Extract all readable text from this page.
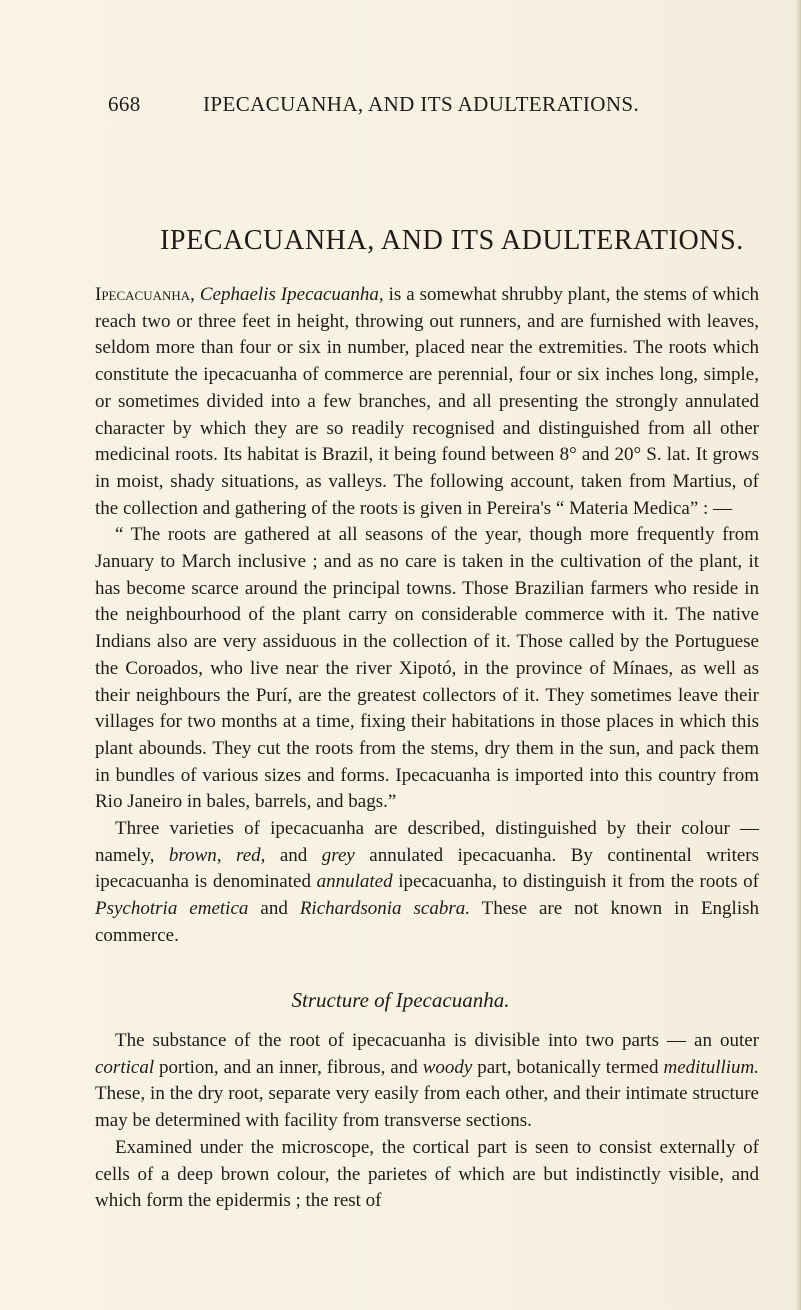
668	IPECACUANHA, AND ITS ADULTERATIONS.
IPECACUANHA, AND ITS ADULTERATIONS.

Ipecacuanha, Cephaelis Ipecacuanha, is a somewhat shrubby plant, the stems of which reach two or three feet in height, throwing out runners, and are furnished with leaves, seldom more than four or six in number, placed near the extremities. The roots which constitute the ipecacuanha of commerce are perennial, four or six inches long, simple, or sometimes divided into a few branches, and all presenting the strongly annulated character by which they are so readily recognised and distinguished from all other medicinal roots. Its habitat is Brazil, it being found between 8° and 20° S. lat. It grows in moist, shady situations, as valleys. The following account, taken from Martius, of the collection and gathering of the roots is given in Pereira's “ Materia Medica” : —

“ The roots are gathered at all seasons of the year, though more frequently from January to March inclusive ; and as no care is taken in the cultivation of the plant, it has become scarce around the principal towns. Those Brazilian farmers who reside in the neighbourhood of the plant carry on considerable commerce with it. The native Indians also are very assiduous in the collection of it. Those called by the Portuguese the Coroados, who live near the river Xipotó, in the province of Mínaes, as well as their neighbours the Purí, are the greatest collectors of it. They sometimes leave their villages for two months at a time, fixing their habitations in those places in which this plant abounds. They cut the roots from the stems, dry them in the sun, and pack them in bundles of various sizes and forms. Ipecacuanha is imported into this country from Rio Janeiro in bales, barrels, and bags.”

Three varieties of ipecacuanha are described, distinguished by their colour — namely, brown, red, and grey annulated ipecacuanha. By continental writers ipecacuanha is denominated annulated ipecacuanha, to distinguish it from the roots of Psychotria emetica and Richardsonia scabra. These are not known in English commerce.

Structure of Ipecacuanha.

The substance of the root of ipecacuanha is divisible into two parts — an outer cortical portion, and an inner, fibrous, and woody part, botanically termed meditullium. These, in the dry root, separate very easily from each other, and their intimate structure may be determined with facility from transverse sections.

Examined under the microscope, the cortical part is seen to consist externally of cells of a deep brown colour, the parietes of which are but indistinctly visible, and which form the epidermis ; the rest of
